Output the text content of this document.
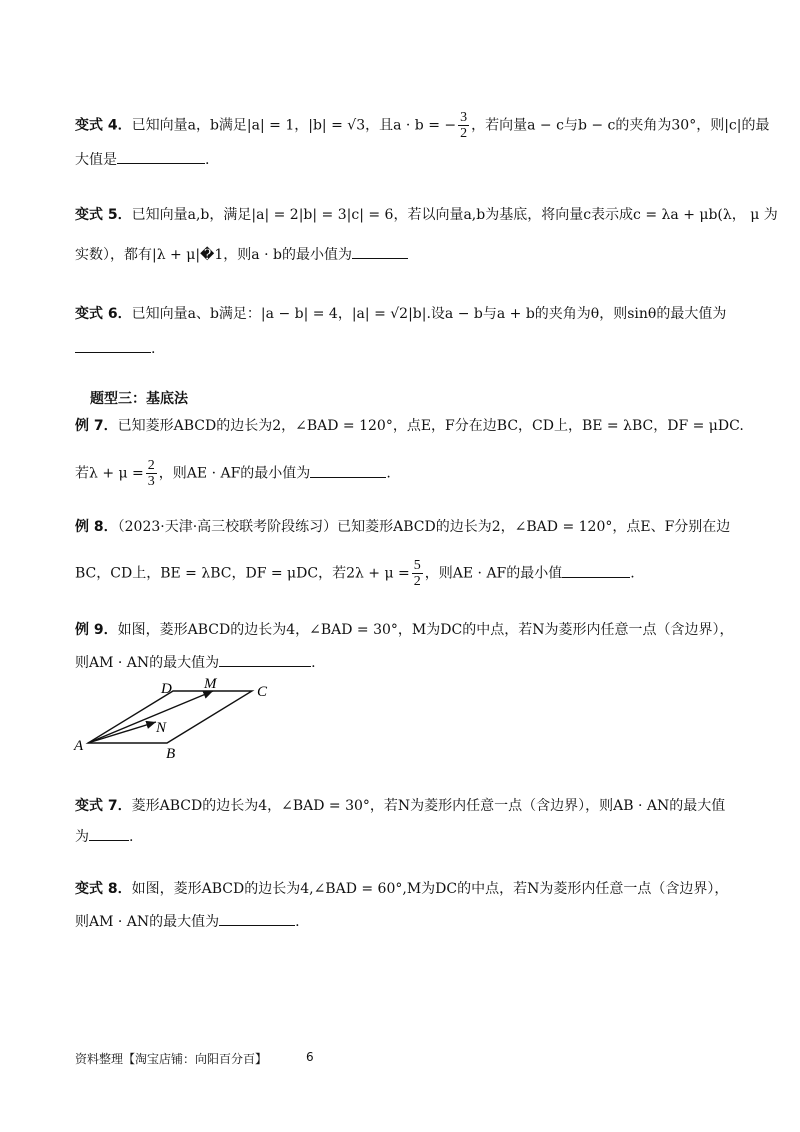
变式 4．已知向量a，b满足|a| = 1，|b| = √3，且a · b = − $\frac{3}{2}$ ，若向量a − c与b − c的夹角为30°，则|c|的最
大值是	.
变式 5．已知向量a,b，满足|a| = 2|b| = 3|c| = 6，若以向量a,b为基底，将向量c表示成c = λa + μb(λ， μ 为
实数），都有|λ + μ|�1，则a · b的最小值为
变式 6．已知向量a、b满足：|a − b| = 4，|a| = √2|b|.设a − b与a + b的夹角为θ，则sinθ的最大值为
.
题型三：基底法
例 7．已知菱形ABCD的边长为2，∠BAD = 120°，点E，F分在边BC，CD上，BE = λBC，DF = μDC.
若$\lambda + \mu = \frac{2}{3}$ ，则AE · AF的最小值为	.
例 8．（2023·天津·高三校联考阶段练习）已知菱形ABCD的边长为2，∠BAD = 120°，点E、F分别在边
BC，CD上，BE = λBC，DF = μDC，若$2\lambda + \mu = \frac{5}{2}$ ，则AE · AF的最小值	.
例 9．如图，菱形ABCD的边长为4，∠BAD = 30°，M为DC的中点，若N为菱形内任意一点（含边界），
则AM · AN的最大值为	.
A	B
C
D M
N
变式 7．菱形ABCD的边长为4，∠BAD = 30°，若N为菱形内任意一点（含边界），则AB · AN的最大值
为	.
变式 8．如图，菱形ABCD的边长为4,∠BAD = 60°,M为DC的中点，若N为菱形内任意一点（含边界），
则AM · AN的最大值为	.
资料整理【淘宝店铺：向阳百分百】	6
